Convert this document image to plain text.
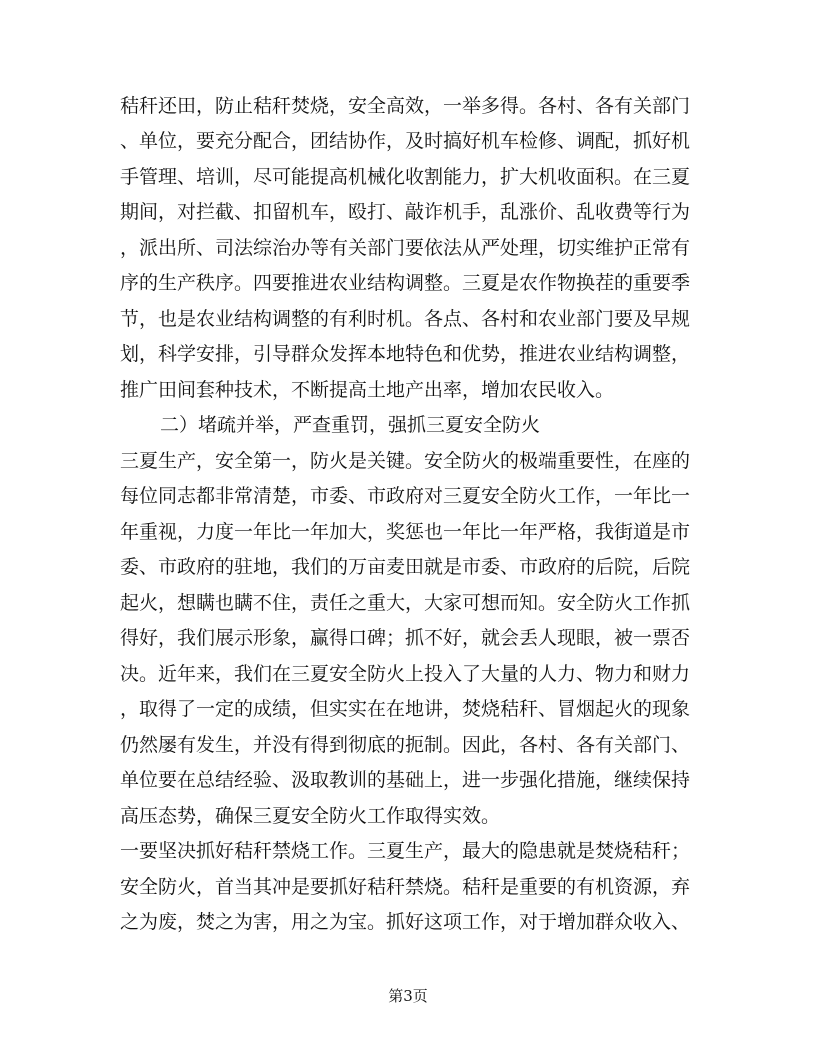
秸秆还田，防止秸秆焚烧，安全高效，一举多得。各村、各有关部门
、单位，要充分配合，团结协作，及时搞好机车检修、调配，抓好机
手管理、培训，尽可能提高机械化收割能力，扩大机收面积。在三夏
期间，对拦截、扣留机车，殴打、敲诈机手，乱涨价、乱收费等行为
，派出所、司法综治办等有关部门要依法从严处理，切实维护正常有
序的生产秩序。四要推进农业结构调整。三夏是农作物换茬的重要季
节，也是农业结构调整的有利时机。各点、各村和农业部门要及早规
划，科学安排，引导群众发挥本地特色和优势，推进农业结构调整，
推广田间套种技术，不断提高土地产出率，增加农民收入。
二）堵疏并举，严查重罚，强抓三夏安全防火
三夏生产，安全第一，防火是关键。安全防火的极端重要性，在座的
每位同志都非常清楚，市委、市政府对三夏安全防火工作，一年比一
年重视，力度一年比一年加大，奖惩也一年比一年严格，我街道是市
委、市政府的驻地，我们的万亩麦田就是市委、市政府的后院，后院
起火，想瞒也瞒不住，责任之重大，大家可想而知。安全防火工作抓
得好，我们展示形象，赢得口碑；抓不好，就会丢人现眼，被一票否
决。近年来，我们在三夏安全防火上投入了大量的人力、物力和财力
，取得了一定的成绩，但实实在在地讲，焚烧秸秆、冒烟起火的现象
仍然屡有发生，并没有得到彻底的扼制。因此，各村、各有关部门、
单位要在总结经验、汲取教训的基础上，进一步强化措施，继续保持
高压态势，确保三夏安全防火工作取得实效。
一要坚决抓好秸秆禁烧工作。三夏生产，最大的隐患就是焚烧秸秆；
安全防火，首当其冲是要抓好秸秆禁烧。秸秆是重要的有机资源，弃
之为废，焚之为害，用之为宝。抓好这项工作，对于增加群众收入、
第3页
